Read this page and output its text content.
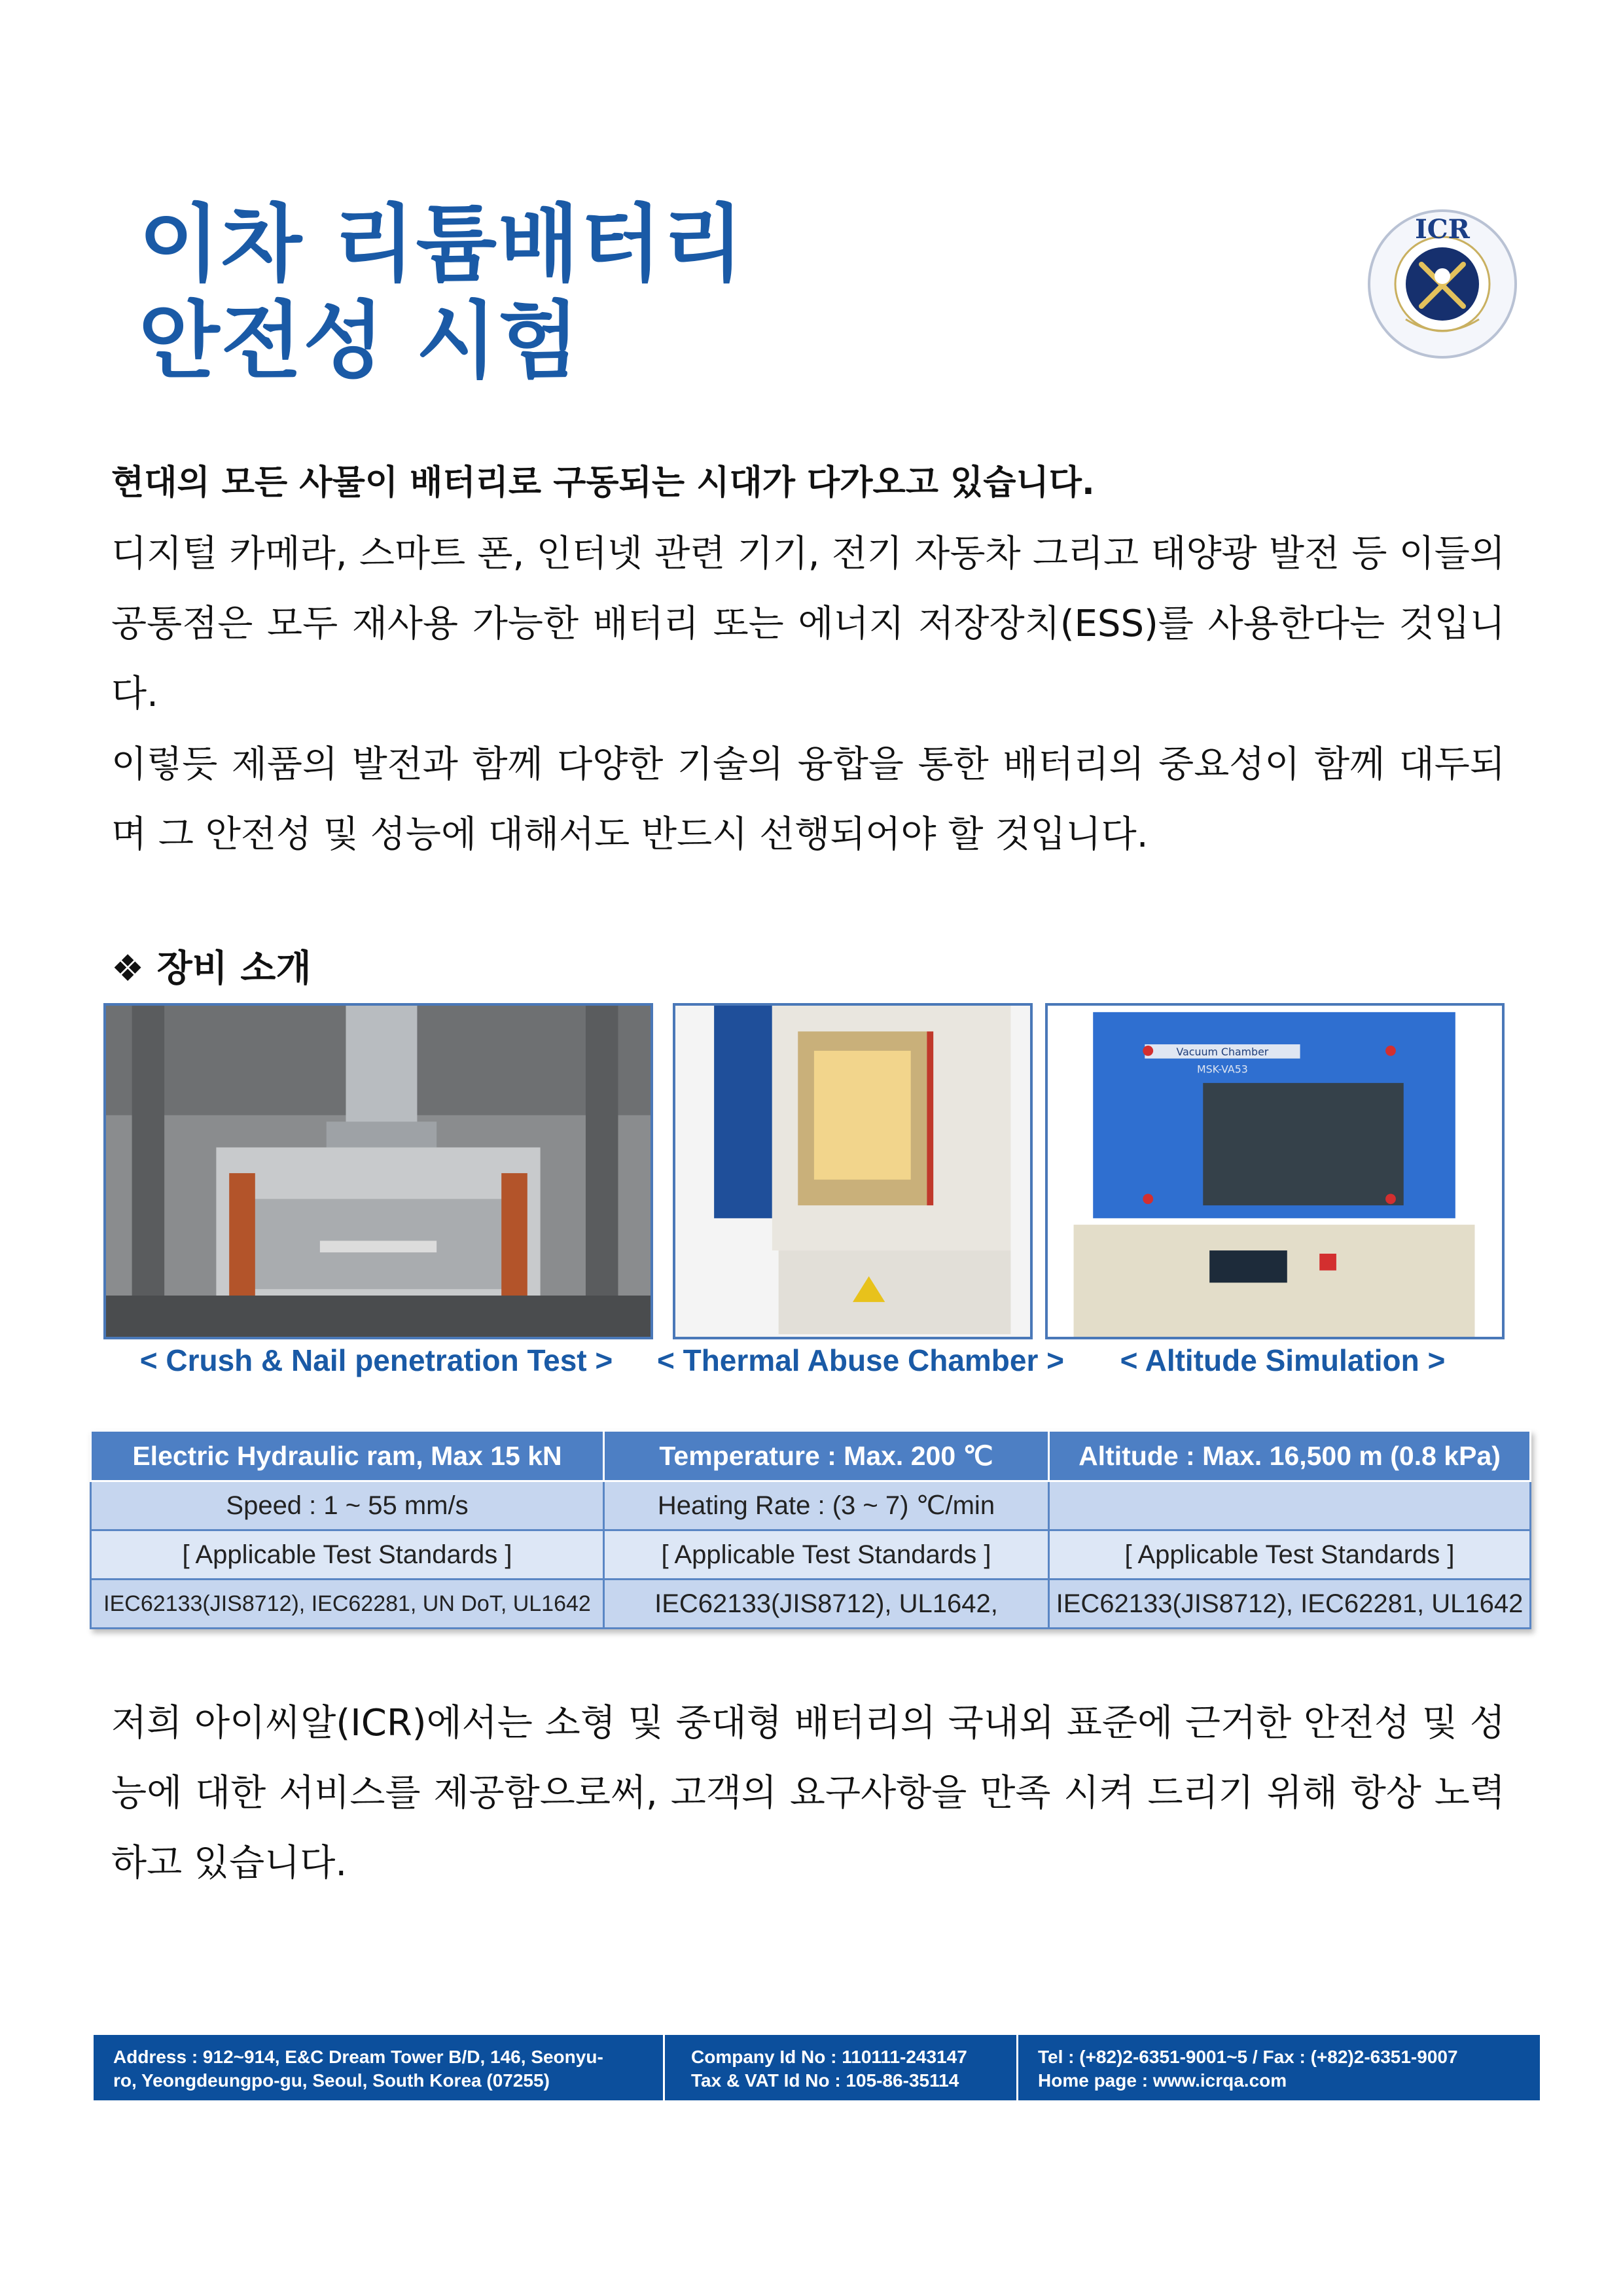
이차 리튬배터리
안전성 시험
ICR
현대의 모든 사물이 배터리로 구동되는 시대가 다가오고 있습니다.
디지털 카메라, 스마트 폰, 인터넷 관련 기기, 전기 자동차 그리고 태양광 발전 등 이들의 공통점은 모두 재사용 가능한 배터리 또는 에너지 저장장치(ESS)를 사용한다는 것입니다.
이렇듯 제품의 발전과 함께 다양한 기술의 융합을 통한 배터리의 중요성이 함께 대두되며 그 안전성 및 성능에 대해서도 반드시 선행되어야 할 것입니다.
❖ 장비 소개
Vacuum Chamber
MSK-VA53
< Crush & Nail penetration Test >	< Thermal Abuse Chamber >	< Altitude Simulation >
Electric Hydraulic ram, Max 15 kN	Temperature : Max. 200 ℃	Altitude : Max. 16,500 m (0.8 kPa)
Speed : 1 ~ 55 mm/s	Heating Rate : (3 ~ 7) ℃/min	
[ Applicable Test Standards ]	[ Applicable Test Standards ]	[ Applicable Test Standards ]
IEC62133(JIS8712), IEC62281, UN DoT, UL1642	IEC62133(JIS8712), UL1642,	IEC62133(JIS8712), IEC62281, UL1642
저희 아이씨알(ICR)에서는 소형 및 중대형 배터리의 국내외 표준에 근거한 안전성 및 성능에 대한 서비스를 제공함으로써, 고객의 요구사항을 만족 시켜 드리기 위해 항상 노력하고 있습니다.
Address : 912~914, E&C Dream Tower B/D, 146, Seonyu-
ro, Yeongdeungpo-gu, Seoul, South Korea (07255)
Company Id No : 110111-243147
Tax & VAT Id No : 105-86-35114
Tel : (+82)2-6351-9001~5 / Fax : (+82)2-6351-9007
Home page : www.icrqa.com
